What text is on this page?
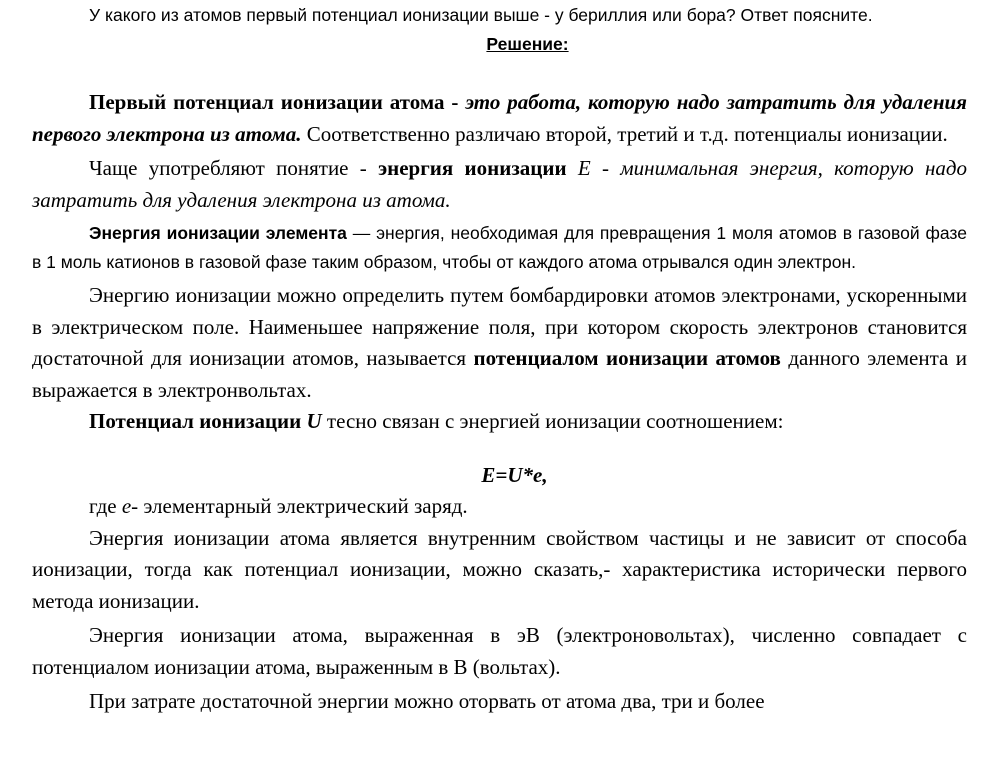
У какого из атомов первый потенциал ионизации выше - у бериллия или бора? Ответ поясните.

Решение:

Первый потенциал ионизации атома - это работа, которую надо затратить для удаления первого электрона из атома. Соответственно различаю второй, третий и т.д. потенциалы ионизации.

Чаще употребляют понятие - энергия ионизации E - минимальная энергия, которую надо затратить для удаления электрона из атома.

Энергия ионизации элемента — энергия, необходимая для превращения 1 моля атомов в газовой фазе в 1 моль катионов в газовой фазе таким образом, чтобы от каждого атома отрывался один электрон.

Энергию ионизации можно определить путем бомбардировки атомов электронами, ускоренными в электрическом поле. Наименьшее напряжение поля, при котором скорость электронов становится достаточной для ионизации атомов, называется потенциалом ионизации атомов данного элемента и выражается в электронвольтах.

Потенциал ионизации U тесно связан с энергией ионизации соотношением:

E=U*e,

где е- элементарный электрический заряд.

Энергия ионизации атома является внутренним свойством частицы и не зависит от способа ионизации, тогда как потенциал ионизации, можно сказать,- характеристика исторически первого метода ионизации.

Энергия ионизации атома, выраженная в эВ (электроновольтах), численно совпадает с потенциалом ионизации атома, выраженным в В (вольтах).

При затрате достаточной энергии можно оторвать от атома два, три и более
